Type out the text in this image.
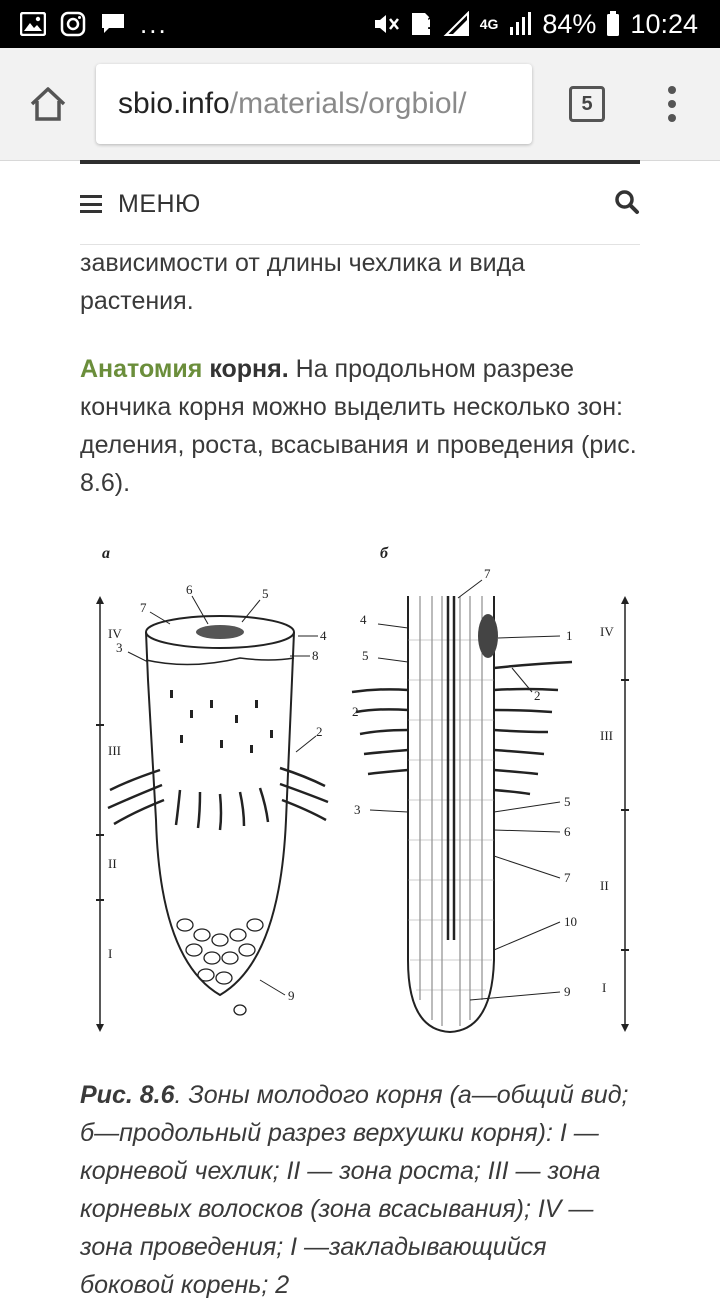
...	1	4G 84% 10:24
sbio.info /materials/orgbiol/	5
МЕНЮ
зависимости от длины чехлика и вида растения.
Анатомия корня. На продольном разрезе кончика корня можно выделить несколько зон: деления, роста, всасывания и проведения (рис. 8.6).
а
IV
III
II
I
6	5
7
4
8
3
2
9
б
IV
III
II
I
7
4
5
1
2
2
3
5
6
7
10
9
Рис. 8.6. Зоны молодого корня (а—общий вид; б—продольный разрез верхушки корня): I — корневой чехлик; II — зона роста; III — зона корневых волосков (зона всасывания); IV —зона проведения; I —закладывающийся боковой корень; 2
